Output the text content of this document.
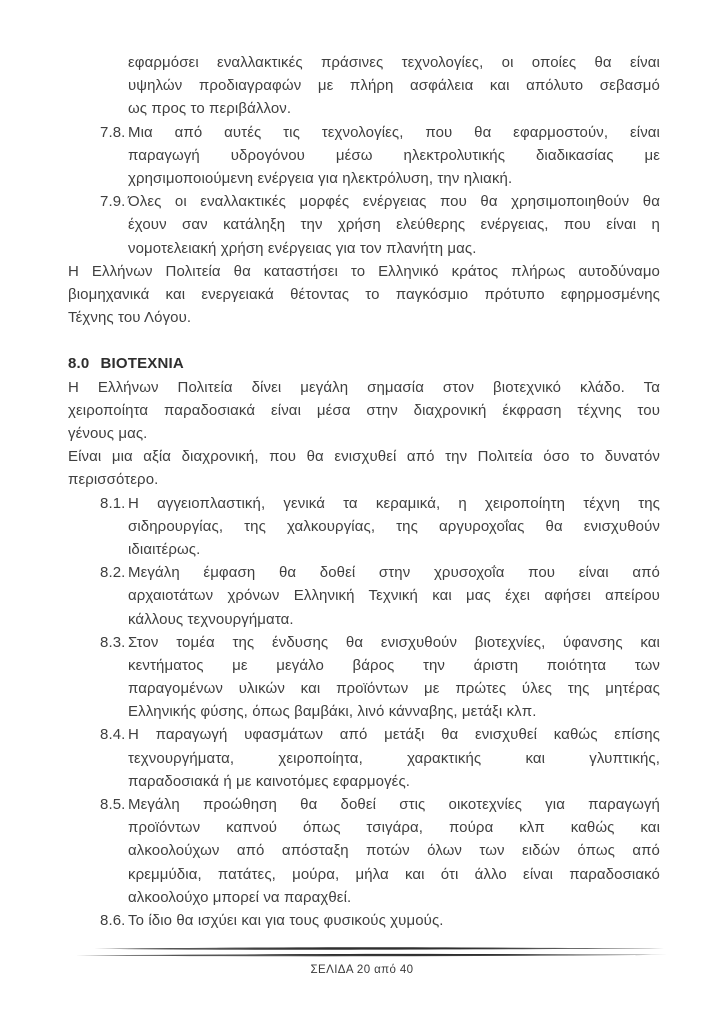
εφαρμόσει εναλλακτικές πράσινες τεχνολογίες, οι οποίες θα είναι
υψηλών προδιαγραφών με πλήρη ασφάλεια και απόλυτο σεβασμό
ως προς το περιβάλλον.
7.8. Μια από αυτές τις τεχνολογίες, που θα εφαρμοστούν, είναι
παραγωγή υδρογόνου μέσω ηλεκτρολυτικής διαδικασίας με
χρησιμοποιούμενη ενέργεια για ηλεκτρόλυση, την ηλιακή.
7.9. Όλες οι εναλλακτικές μορφές ενέργειας που θα χρησιμοποιηθούν θα
έχουν σαν κατάληξη την χρήση ελεύθερης ενέργειας, που είναι η
νομοτελειακή χρήση ενέργειας για τον πλανήτη μας.
Η Ελλήνων Πολιτεία θα καταστήσει το Ελληνικό κράτος πλήρως αυτοδύναμο
βιομηχανικά και ενεργειακά θέτοντας το παγκόσμιο πρότυπο εφηρμοσμένης
Τέχνης του Λόγου.
8.0 ΒΙΟΤΕΧΝΙΑ
Η Ελλήνων Πολιτεία δίνει μεγάλη σημασία στον βιοτεχνικό κλάδο. Τα
χειροποίητα παραδοσιακά είναι μέσα στην διαχρονική έκφραση τέχνης του
γένους μας.
Είναι μια αξία διαχρονική, που θα ενισχυθεί από την Πολιτεία όσο το δυνατόν
περισσότερο.
8.1. Η αγγειοπλαστική, γενικά τα κεραμικά, η χειροποίητη τέχνη της
σιδηρουργίας, της χαλκουργίας, της αργυροχοΐας θα ενισχυθούν
ιδιαιτέρως.
8.2. Μεγάλη έμφαση θα δοθεί στην χρυσοχοΐα που είναι από
αρχαιοτάτων χρόνων Ελληνική Τεχνική και μας έχει αφήσει απείρου
κάλλους τεχνουργήματα.
8.3. Στον τομέα της ένδυσης θα ενισχυθούν βιοτεχνίες, ύφανσης και
κεντήματος με μεγάλο βάρος την άριστη ποιότητα των
παραγομένων υλικών και προϊόντων με πρώτες ύλες της μητέρας
Ελληνικής φύσης, όπως βαμβάκι, λινό κάνναβης, μετάξι κλπ.
8.4. Η παραγωγή υφασμάτων από μετάξι θα ενισχυθεί καθώς επίσης
τεχνουργήματα, χειροποίητα, χαρακτικής και γλυπτικής,
παραδοσιακά ή με καινοτόμες εφαρμογές.
8.5. Μεγάλη προώθηση θα δοθεί στις οικοτεχνίες για παραγωγή
προϊόντων καπνού όπως τσιγάρα, πούρα κλπ καθώς και
αλκοολούχων από απόσταξη ποτών όλων των ειδών όπως από
κρεμμύδια, πατάτες, μούρα, μήλα και ότι άλλο είναι παραδοσιακό
αλκοολούχο μπορεί να παραχθεί.
8.6. Το ίδιο θα ισχύει και για τους φυσικούς χυμούς.
ΣΕΛΙΔΑ 20 από 40
